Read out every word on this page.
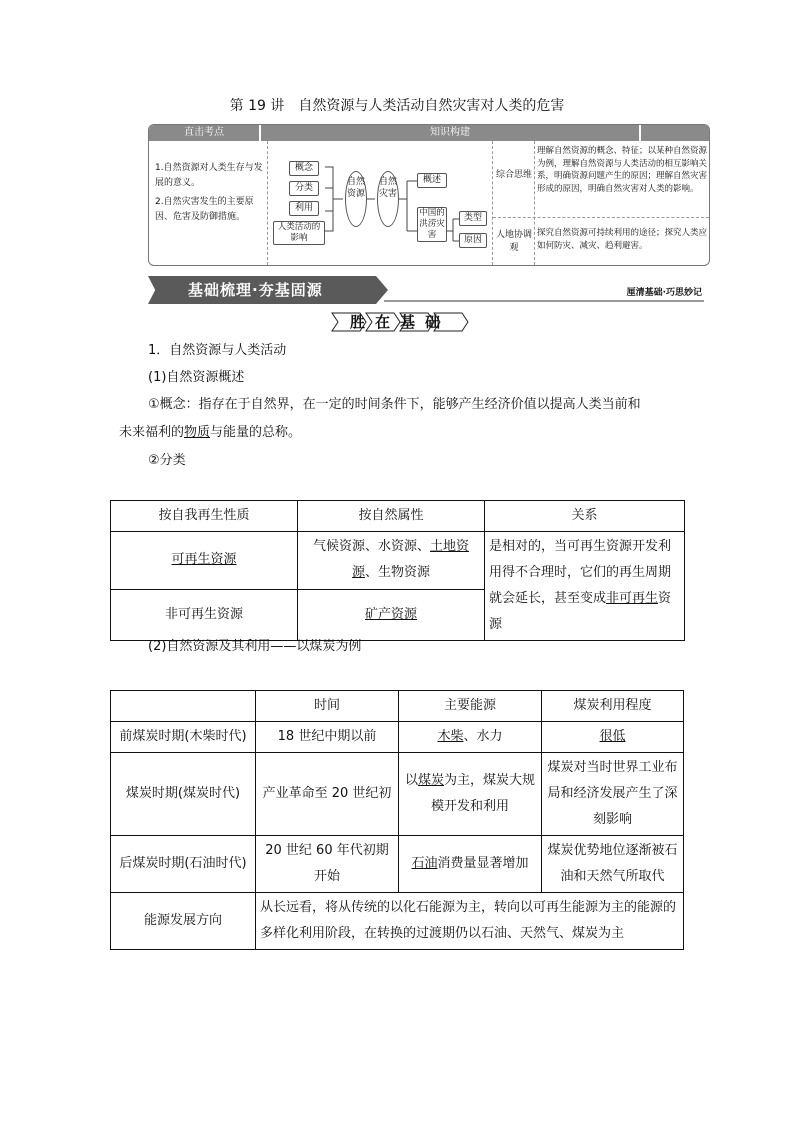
第 19 讲　自然资源与人类活动自然灾害对人类的危害
直击考点	知识构建
1.自然资源对人类生存与发展的意义。
2.自然灾害发生的主要原因、危害及防御措施。
概念
分类
利用
人类活动的影响
自然资源
自然灾害
概述
中国的洪涝灾害
类型
原因
综合思维
理解自然资源的概念、特征；以某种自然资源为例，理解自然资源与人类活动的相互影响关系，明确资源问题产生的原因；理解自然灾害形成的原因，明确自然灾害对人类的影响。
人地协调观
探究自然资源可持续利用的途径；探究人类应如何防灾、减灾、趋利避害。
基础梳理·夯基固源	厘清基础·巧思妙记
胜在基础
1．自然资源与人类活动
(1)自然资源概述
①概念：指存在于自然界，在一定的时间条件下，能够产生经济价值以提高人类当前和
未来福利的物质与能量的总称。
②分类
按自我再生性质	按自然属性	关系
可再生资源	气候资源、水资源、土地资源、生物资源	是相对的，当可再生资源开发利用得不合理时，它们的再生周期就会延长，甚至变成非可再生资源
非可再生资源	矿产资源	
(2)自然资源及其利用——以煤炭为例
	时间	主要能源	煤炭利用程度
前煤炭时期(木柴时代)	18 世纪中期以前	木柴、水力	很低
煤炭时期(煤炭时代)	产业革命至 20 世纪初	以煤炭为主，煤炭大规模开发和利用	煤炭对当时世界工业布局和经济发展产生了深刻影响
后煤炭时期(石油时代)	20 世纪 60 年代初期开始	石油消费量显著增加	煤炭优势地位逐渐被石油和天然气所取代
能源发展方向	从长远看，将从传统的以化石能源为主，转向以可再生能源为主的能源的多样化利用阶段，在转换的过渡期仍以石油、天然气、煤炭为主		
